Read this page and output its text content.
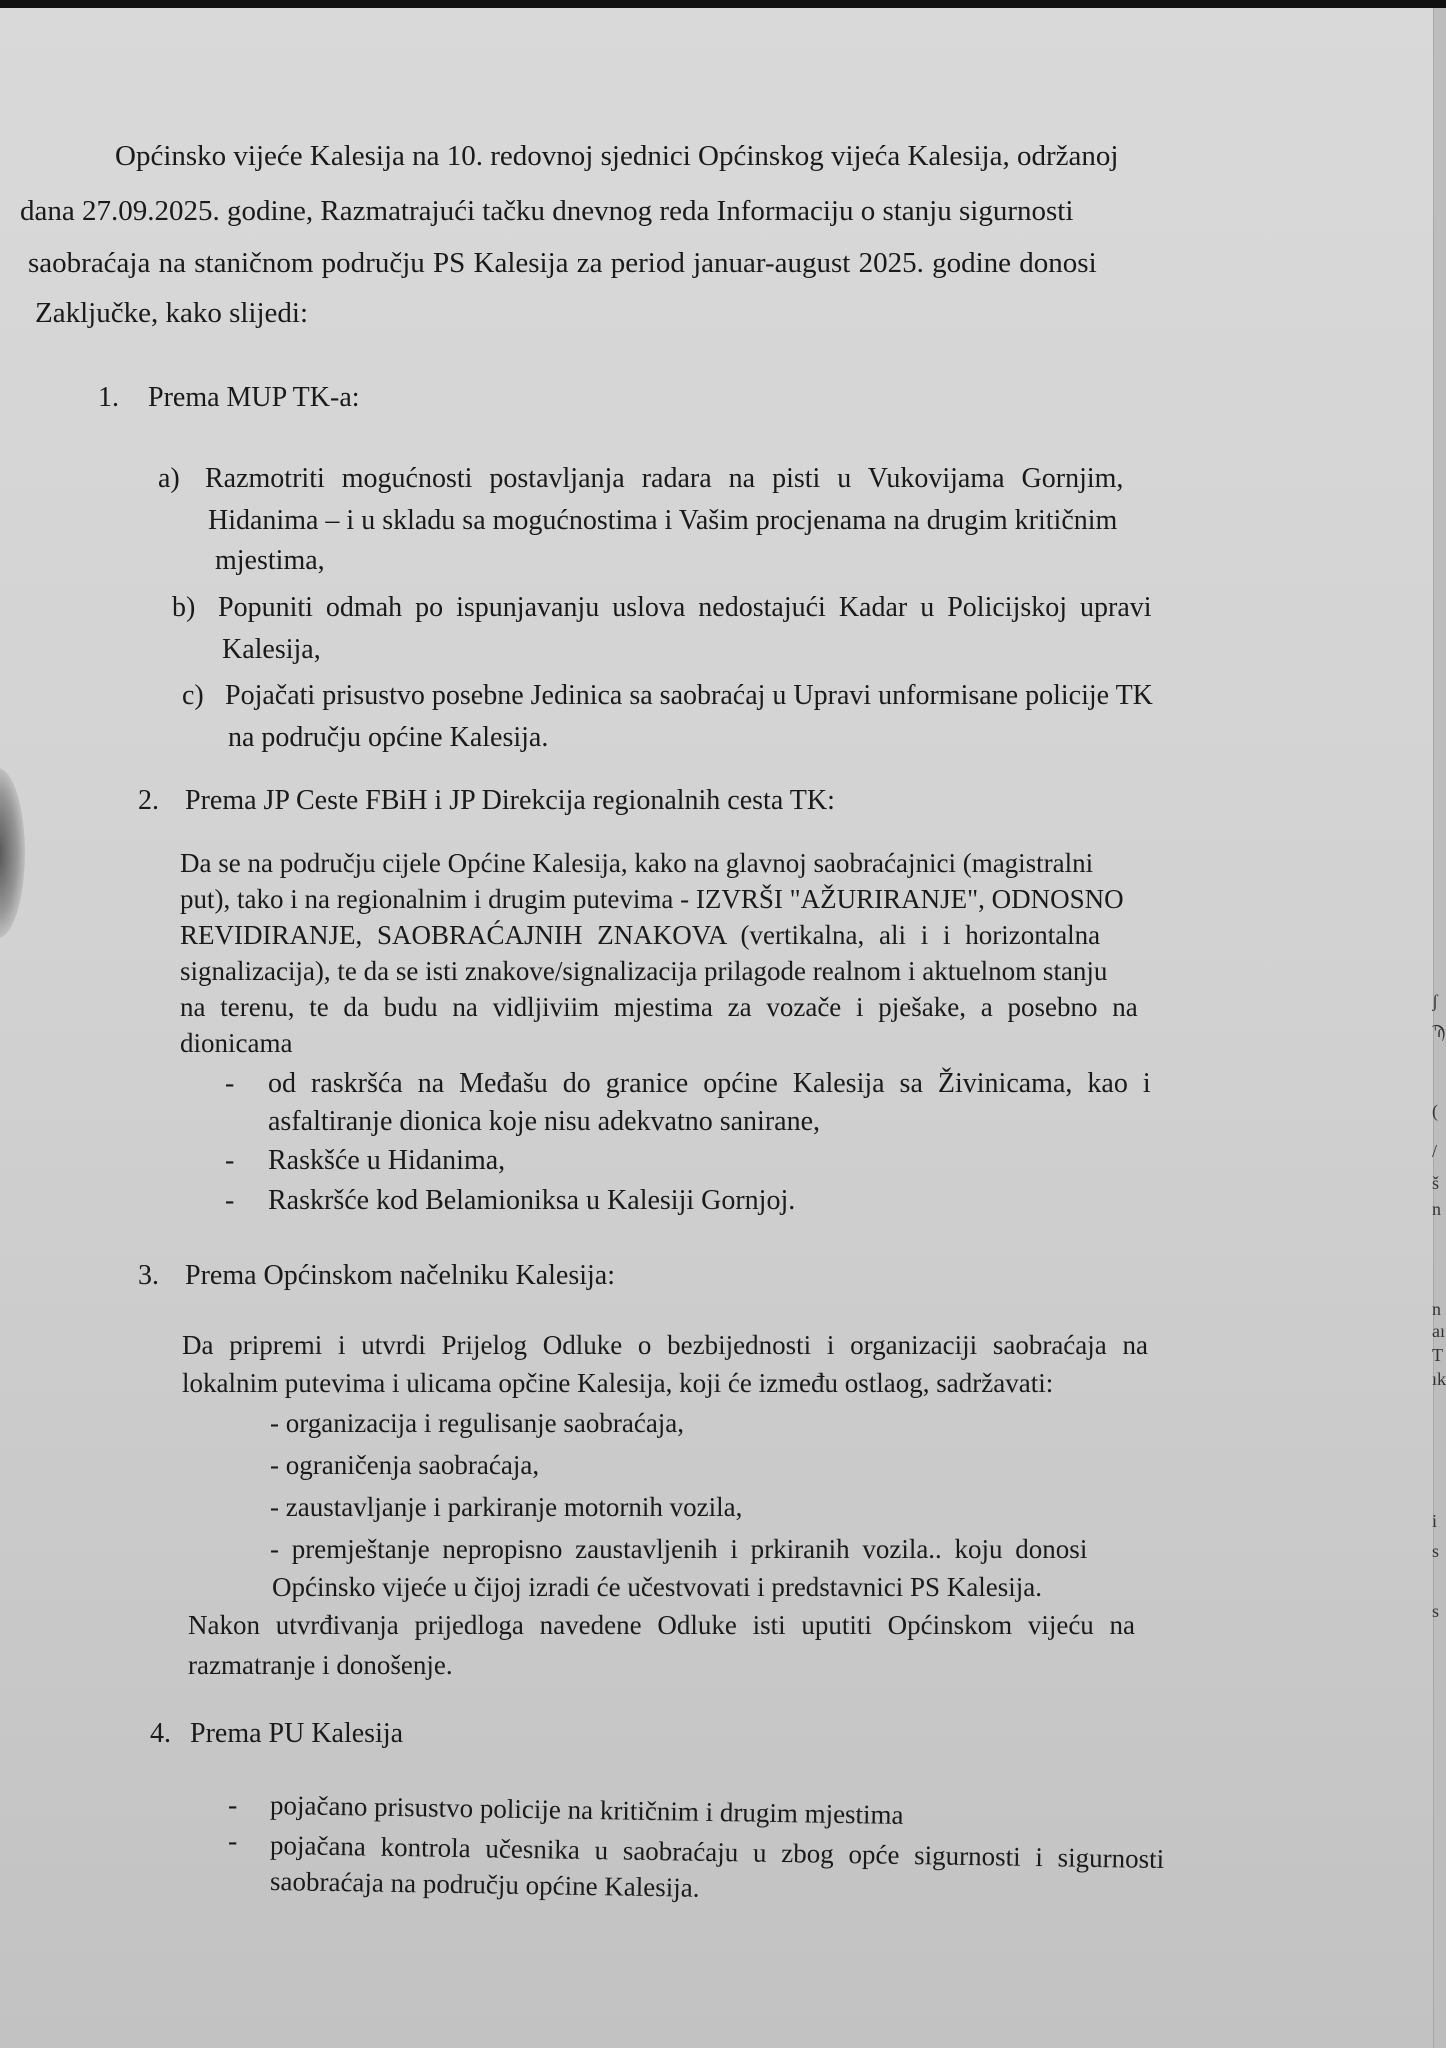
ʃ
Ϡ
(
/
š
n
n
aı
T
ık
i
s
s
Općinsko vijeće Kalesija na 10. redovnoj sjednici Općinskog vijeća Kalesija, održanoj
dana 27.09.2025. godine, Razmatrajući tačku dnevnog reda Informaciju o stanju sigurnosti
saobraćaja na staničnom području PS Kalesija za period januar-august 2025. godine donosi
Zaključke, kako slijedi:
1. Prema MUP TK-a:
a) Razmotriti mogućnosti postavljanja radara na pisti u Vukovijama Gornjim,
Hidanima – i u skladu sa mogućnostima i Vašim procjenama na drugim kritičnim
mjestima,
b) Popuniti odmah po ispunjavanju uslova nedostajući Kadar u Policijskoj upravi
Kalesija,
c) Pojačati prisustvo posebne Jedinica sa saobraćaj u Upravi unformisane policije TK
na području općine Kalesija.
2. Prema JP Ceste FBiH i JP Direkcija regionalnih cesta TK:
Da se na području cijele Općine Kalesija, kako na glavnoj saobraćajnici (magistralni
put), tako i na regionalnim i drugim putevima - IZVRŠI "AŽURIRANJE", ODNOSNO
REVIDIRANJE, SAOBRAĆAJNIH ZNAKOVA (vertikalna, ali i i horizontalna
signalizacija), te da se isti znakove/signalizacija prilagode realnom i aktuelnom stanju
na terenu, te da budu na vidljiviim mjestima za vozače i pješake, a posebno na
dionicama
- od raskršća na Međašu do granice općine Kalesija sa Živinicama, kao i
asfaltiranje dionica koje nisu adekvatno sanirane,
- Raskšće u Hidanima,
- Raskršće kod Belamioniksa u Kalesiji Gornjoj.
3. Prema Općinskom načelniku Kalesija:
Da pripremi i utvrdi Prijelog Odluke o bezbijednosti i organizaciji saobraćaja na
lokalnim putevima i ulicama opčine Kalesija, koji će između ostlaog, sadržavati:
- organizacija i regulisanje saobraćaja,
- ograničenja saobraćaja,
- zaustavljanje i parkiranje motornih vozila,
- premještanje nepropisno zaustavljenih i prkiranih vozila.. koju donosi
Općinsko vijeće u čijoj izradi će učestvovati i predstavnici PS Kalesija.
Nakon utvrđivanja prijedloga navedene Odluke isti uputiti Općinskom vijeću na
razmatranje i donošenje.
4. Prema PU Kalesija
- pojačano prisustvo policije na kritičnim i drugim mjestima
- pojačana kontrola učesnika u saobraćaju u zbog opće sigurnosti i sigurnosti
saobraćaja na području općine Kalesija.
